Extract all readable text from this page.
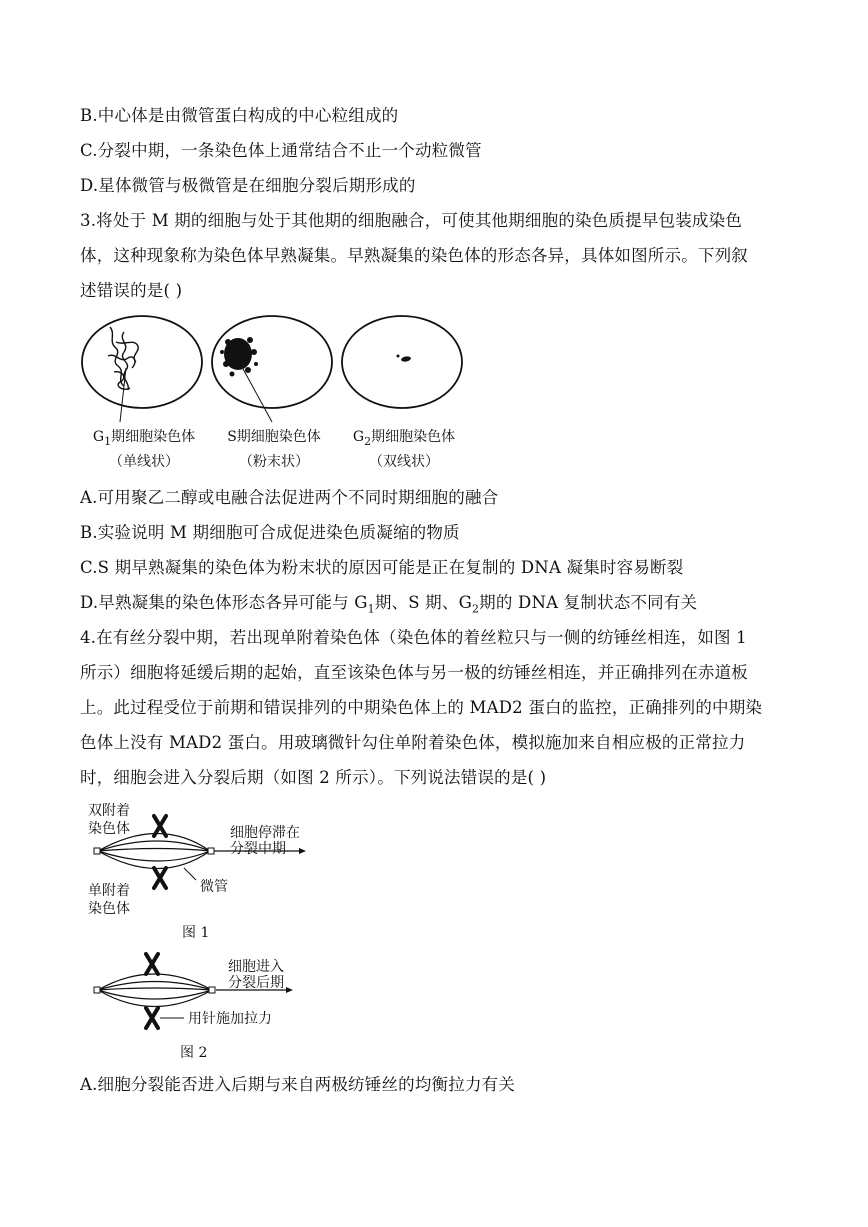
B.中心体是由微管蛋白构成的中心粒组成的
C.分裂中期，一条染色体上通常结合不止一个动粒微管
D.星体微管与极微管是在细胞分裂后期形成的
3.将处于 M 期的细胞与处于其他期的细胞融合，可使其他期细胞的染色质提早包装成染色
体，这种现象称为染色体早熟凝集。早熟凝集的染色体的形态各异，具体如图所示。下列叙
述错误的是( )
$G_1$期细胞染色体
（单线状）
S期细胞染色体
（粉末状）
$G_2$期细胞染色体
（双线状）
A.可用聚乙二醇或电融合法促进两个不同时期细胞的融合
B.实验说明 M 期细胞可合成促进染色质凝缩的物质
C.S 期早熟凝集的染色体为粉末状的原因可能是正在复制的 DNA 凝集时容易断裂
D.早熟凝集的染色体形态各异可能与 $G_1$期、S 期、$G_2$期的 DNA 复制状态不同有关
4.在有丝分裂中期，若出现单附着染色体（染色体的着丝粒只与一侧的纺锤丝相连，如图 1
所示）细胞将延缓后期的起始，直至该染色体与另一极的纺锤丝相连，并正确排列在赤道板
上。此过程受位于前期和错误排列的中期染色体上的 MAD2 蛋白的监控，正确排列的中期染
色体上没有 MAD2 蛋白。用玻璃微针勾住单附着染色体，模拟施加来自相应极的正常拉力
时，细胞会进入分裂后期（如图 2 所示）。下列说法错误的是( )
双附着
染色体	细胞停滞在
分裂中期
单附着
染色体
微管
图 1
细胞进入
分裂后期
用针施加拉力
图 2
A.细胞分裂能否进入后期与来自两极纺锤丝的均衡拉力有关
